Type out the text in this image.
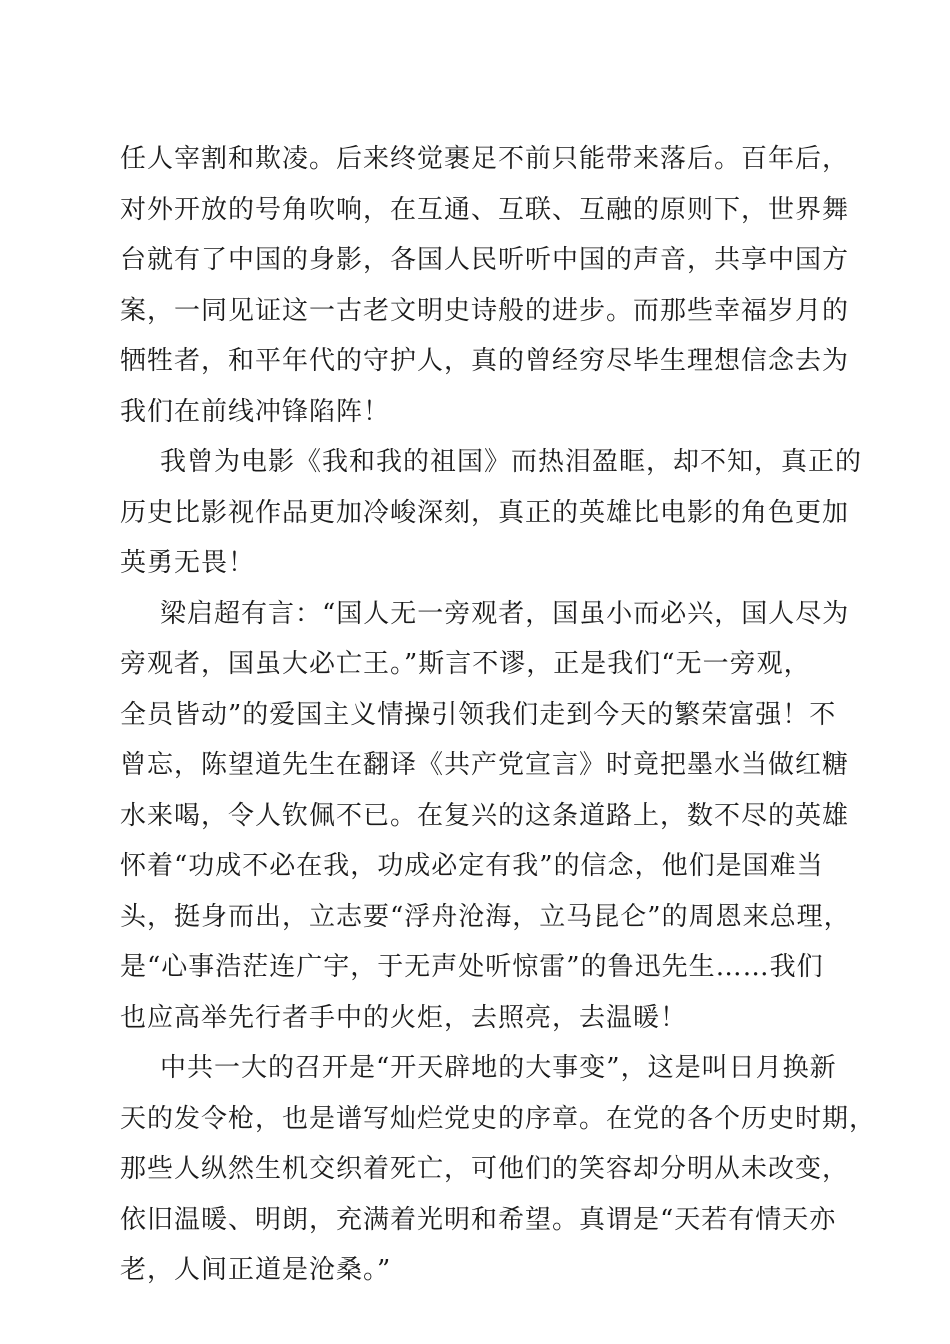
任人宰割和欺凌。后来终觉裹足不前只能带来落后。百年后，
对外开放的号角吹响，在互通、互联、互融的原则下，世界舞
台就有了中国的身影，各国人民听听中国的声音，共享中国方
案，一同见证这一古老文明史诗般的进步。而那些幸福岁月的
牺牲者，和平年代的守护人，真的曾经穷尽毕生理想信念去为
我们在前线冲锋陷阵！
我曾为电影《我和我的祖国》而热泪盈眶，却不知，真正的
历史比影视作品更加冷峻深刻，真正的英雄比电影的角色更加
英勇无畏！
梁启超有言：“国人无一旁观者，国虽小而必兴，国人尽为
旁观者，国虽大必亡王。”斯言不谬，正是我们“无一旁观，
全员皆动”的爱国主义情操引领我们走到今天的繁荣富强！不
曾忘，陈望道先生在翻译《共产党宣言》时竟把墨水当做红糖
水来喝，令人钦佩不已。在复兴的这条道路上，数不尽的英雄
怀着“功成不必在我，功成必定有我”的信念，他们是国难当
头，挺身而出，立志要“浮舟沧海，立马昆仑”的周恩来总理，
是“心事浩茫连广宇，于无声处听惊雷”的鲁迅先生……我们
也应高举先行者手中的火炬，去照亮，去温暖！
中共一大的召开是“开天辟地的大事变”，这是叫日月换新
天的发令枪，也是谱写灿烂党史的序章。在党的各个历史时期，
那些人纵然生机交织着死亡，可他们的笑容却分明从未改变，
依旧温暖、明朗，充满着光明和希望。真谓是“天若有情天亦
老，人间正道是沧桑。”
